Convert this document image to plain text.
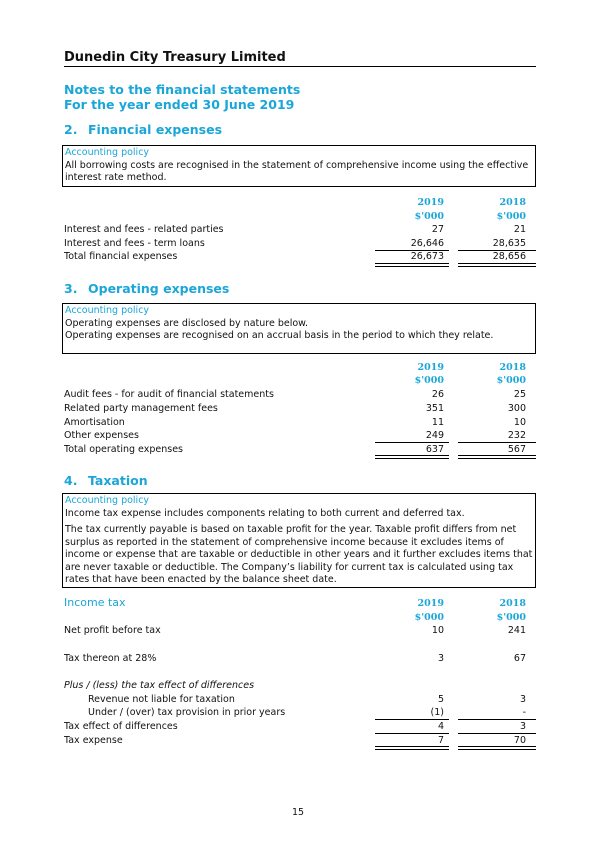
Dunedin City Treasury Limited
Notes to the financial statements
For the year ended 30 June 2019
2. Financial expenses
Accounting policy

All borrowing costs are recognised in the statement of comprehensive income using the effective interest rate method.

2019	2018
$'000	$'000
Interest and fees - related parties	27	21
Interest and fees - term loans	26,646	28,635
Total financial expenses	26,673	28,656
3. Operating expenses
Accounting policy

Operating expenses are disclosed by nature below.

Operating expenses are recognised on an accrual basis in the period to which they relate.

2019	2018
$'000	$'000
Audit fees - for audit of financial statements	26	25
Related party management fees	351	300
Amortisation	11	10
Other expenses	249	232
Total operating expenses	637	567
4. Taxation
Accounting policy

Income tax expense includes components relating to both current and deferred tax.

The tax currently payable is based on taxable profit for the year. Taxable profit differs from net surplus as reported in the statement of comprehensive income because it excludes items of income or expense that are taxable or deductible in other years and it further excludes items that are never taxable or deductible. The Company’s liability for current tax is calculated using tax rates that have been enacted by the balance sheet date.

Income tax	2019	2018
$'000	$'000
Net profit before tax	10	241
Tax thereon at 28%	3	67
Plus / (less) the tax effect of differences
Revenue not liable for taxation	5	3
Under / (over) tax provision in prior years	(1)	-
Tax effect of differences	4	3
Tax expense	7	70
15
